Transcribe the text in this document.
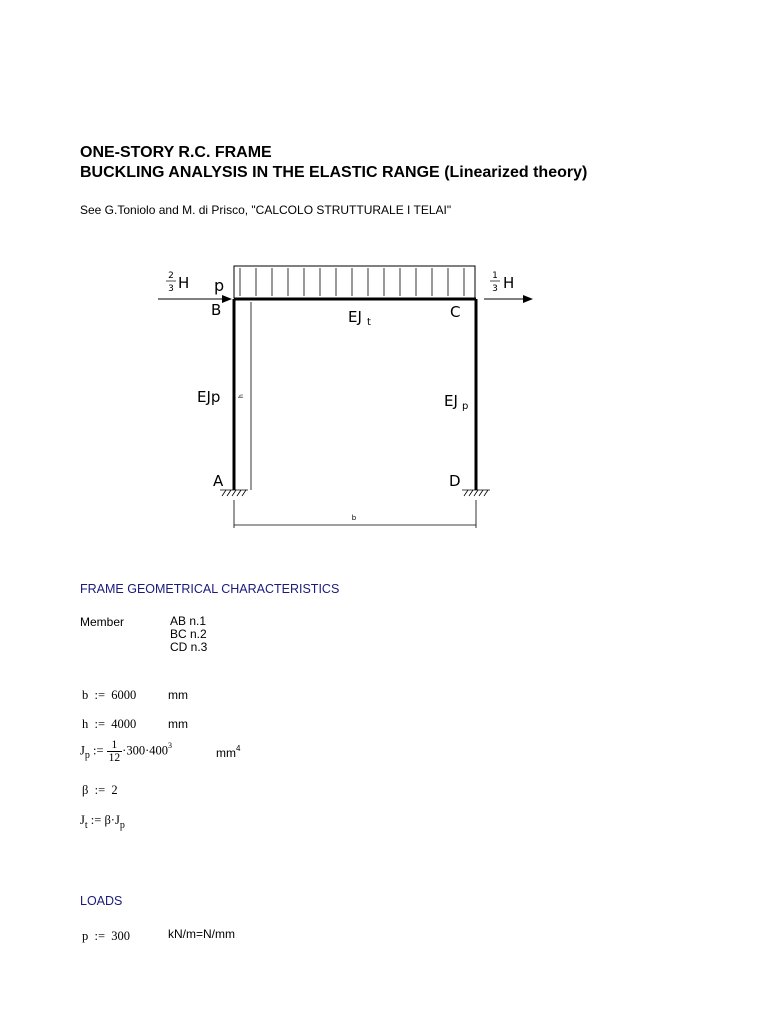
ONE-STORY R.C. FRAME
BUCKLING ANALYSIS IN THE ELASTIC RANGE (Linearized theory)
See G.Toniolo and M. di Prisco, "CALCOLO STRUTTURALE I TELAI"
2
3 H	1
3 H
p
B	C
A	D
EJ t
EJp	EJ p
h
b
FRAME GEOMETRICAL CHARACTERISTICS
Member	AB n.1
BC n.2
CD n.3
b := 6000	mm
h := 4000	mm
$J_p$ := $\frac{1}{12} \cdot 300\cdot 400^3$
$mm^4$
β := 2
$J_t$ := $\beta\cdot J_p$
LOADS
p := 300	kN/m=N/mm
